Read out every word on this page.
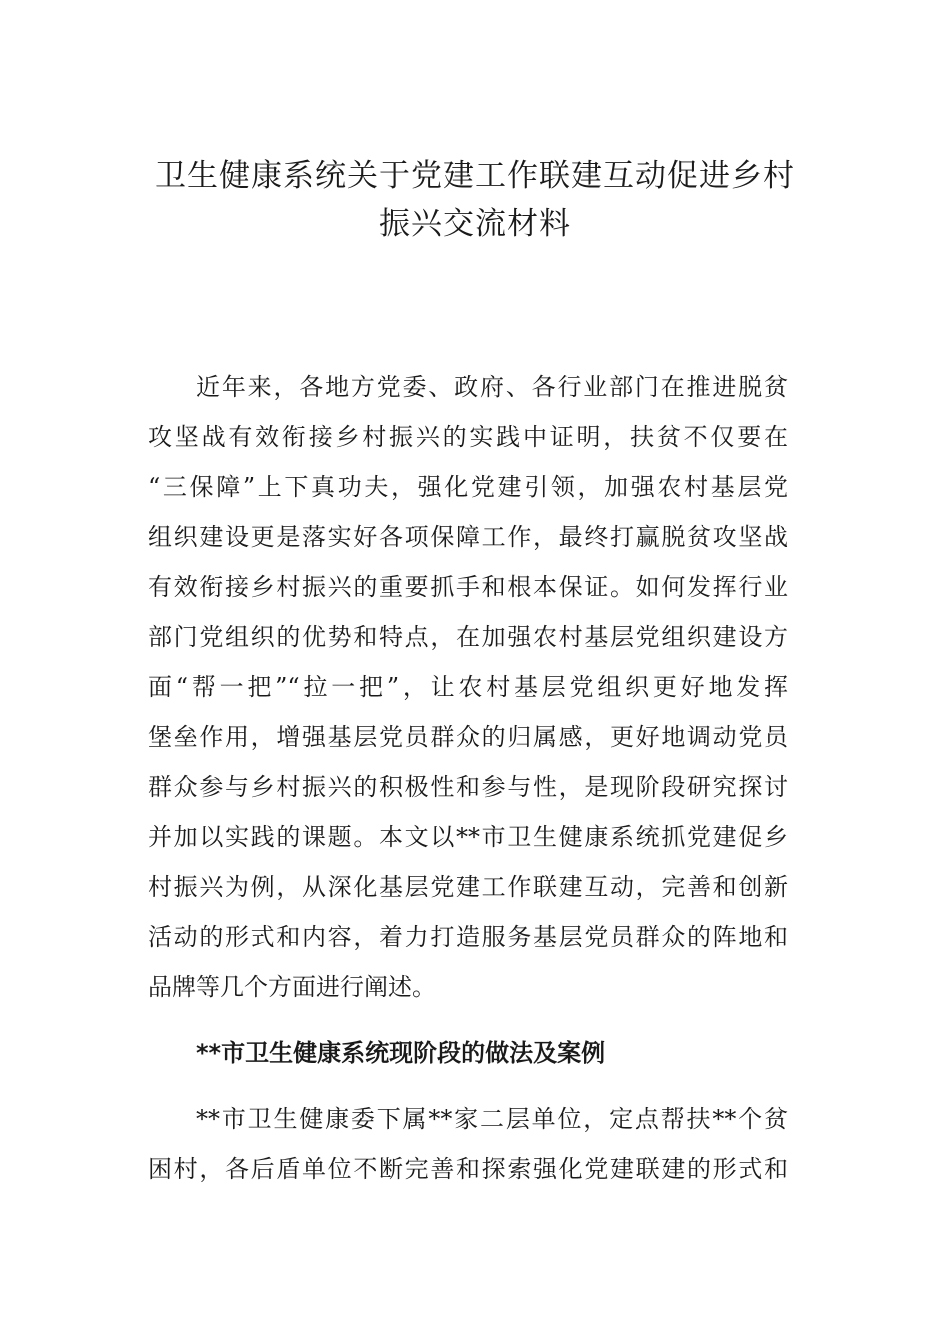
卫生健康系统关于党建工作联建互动促进乡村
振兴交流材料
近年来，各地方党委、政府、各行业部门在推进脱贫
攻坚战有效衔接乡村振兴的实践中证明，扶贫不仅要在
“三保障”上下真功夫，强化党建引领，加强农村基层党
组织建设更是落实好各项保障工作，最终打赢脱贫攻坚战
有效衔接乡村振兴的重要抓手和根本保证。如何发挥行业
部门党组织的优势和特点，在加强农村基层党组织建设方
面“帮一把”“拉一把”，让农村基层党组织更好地发挥
堡垒作用，增强基层党员群众的归属感，更好地调动党员
群众参与乡村振兴的积极性和参与性，是现阶段研究探讨
并加以实践的课题。本文以**市卫生健康系统抓党建促乡
村振兴为例，从深化基层党建工作联建互动，完善和创新
活动的形式和内容，着力打造服务基层党员群众的阵地和
品牌等几个方面进行阐述。
**市卫生健康系统现阶段的做法及案例
**市卫生健康委下属**家二层单位，定点帮扶**个贫
困村，各后盾单位不断完善和探索强化党建联建的形式和
